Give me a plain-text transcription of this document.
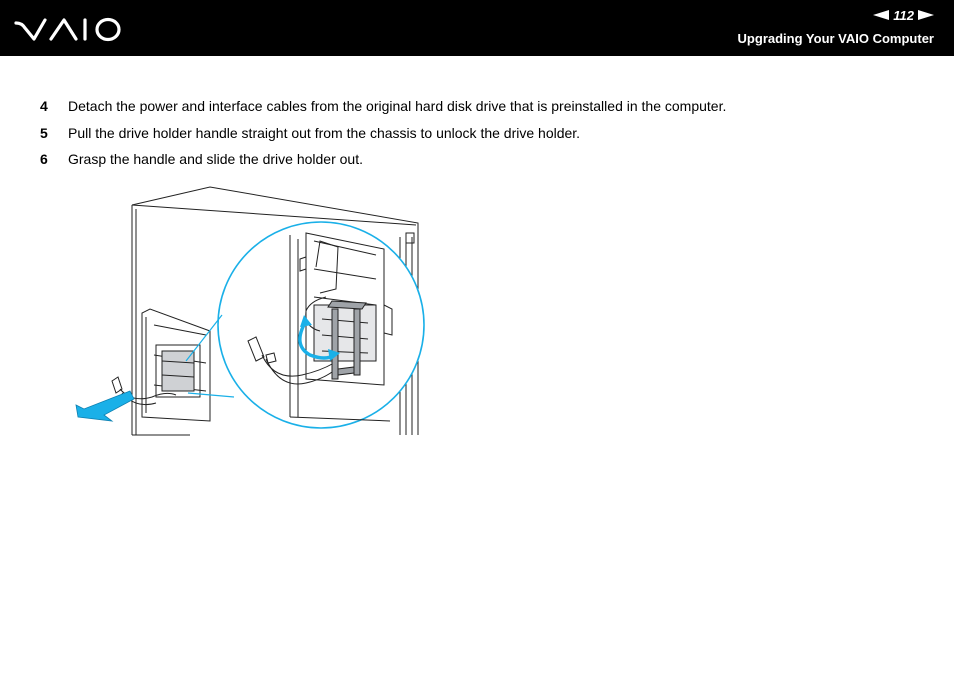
112
Upgrading Your VAIO Computer
4 Detach the power and interface cables from the original hard disk drive that is preinstalled in the computer.
5 Pull the drive holder handle straight out from the chassis to unlock the drive holder.
6 Grasp the handle and slide the drive holder out.
